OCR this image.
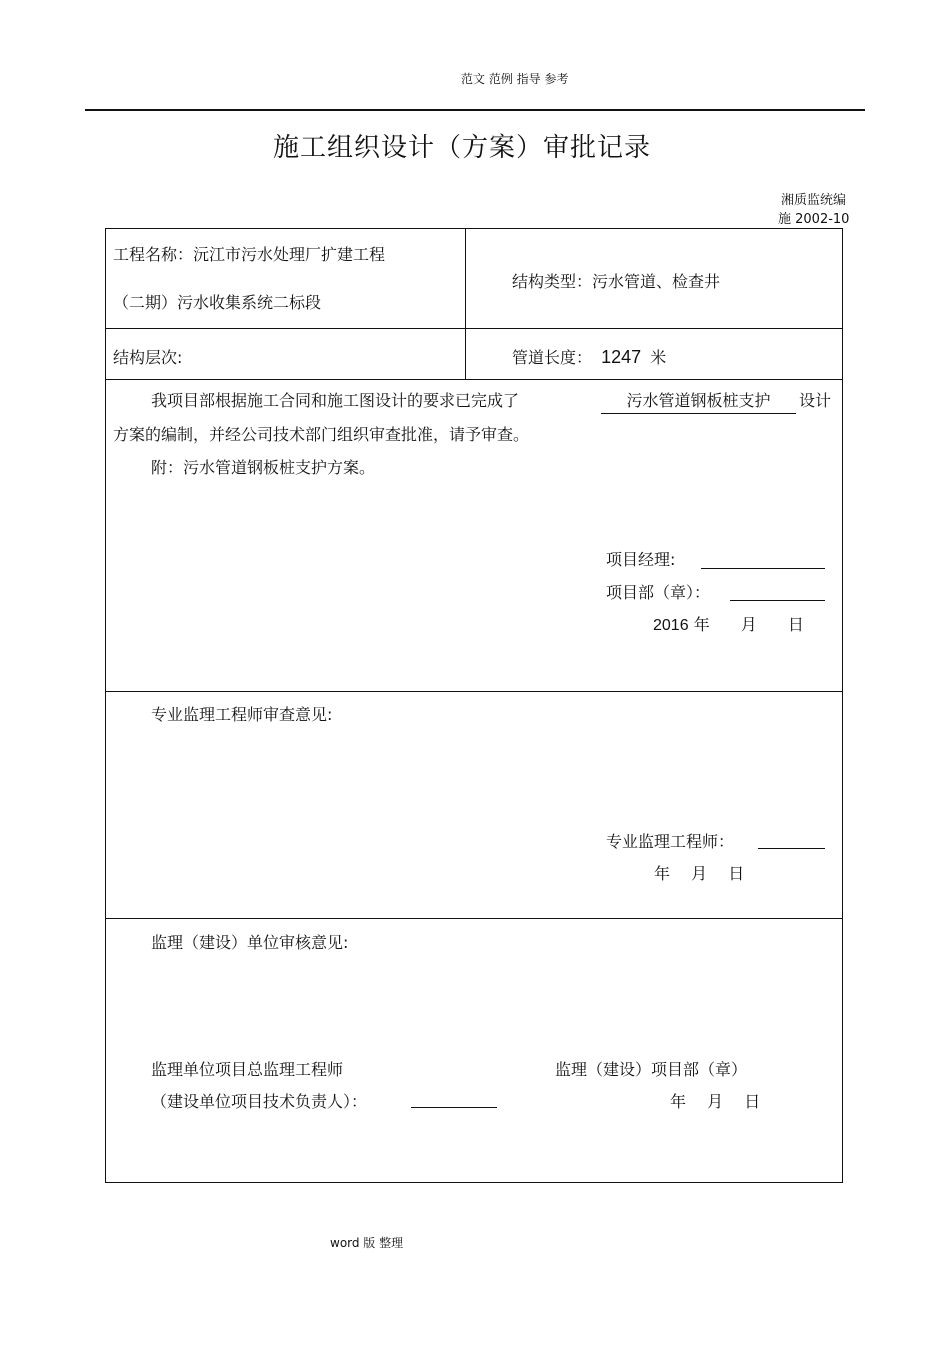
范文 范例 指导 参考
施工组织设计（方案）审批记录
湘质监统编
施 2002-10
工程名称：沅江市污水处理厂扩建工程
（二期）污水收集系统二标段
结构类型：污水管道、检查井
结构层次:	管道长度： 1247 米
我项目部根据施工合同和施工图设计的要求已完成了	污水管道钢板桩支护	设计
方案的编制，并经公司技术部门组织审查批准，请予审查。
附：污水管道钢板桩支护方案。
项目经理:
项目部（章）：
2016 年 月 日
专业监理工程师审查意见:
专业监理工程师：
年 月 日
监理（建设）单位审核意见:
监理单位项目总监理工程师
（建设单位项目技术负责人）：
监理（建设）项目部（章）
年 月 日
word 版 整理
